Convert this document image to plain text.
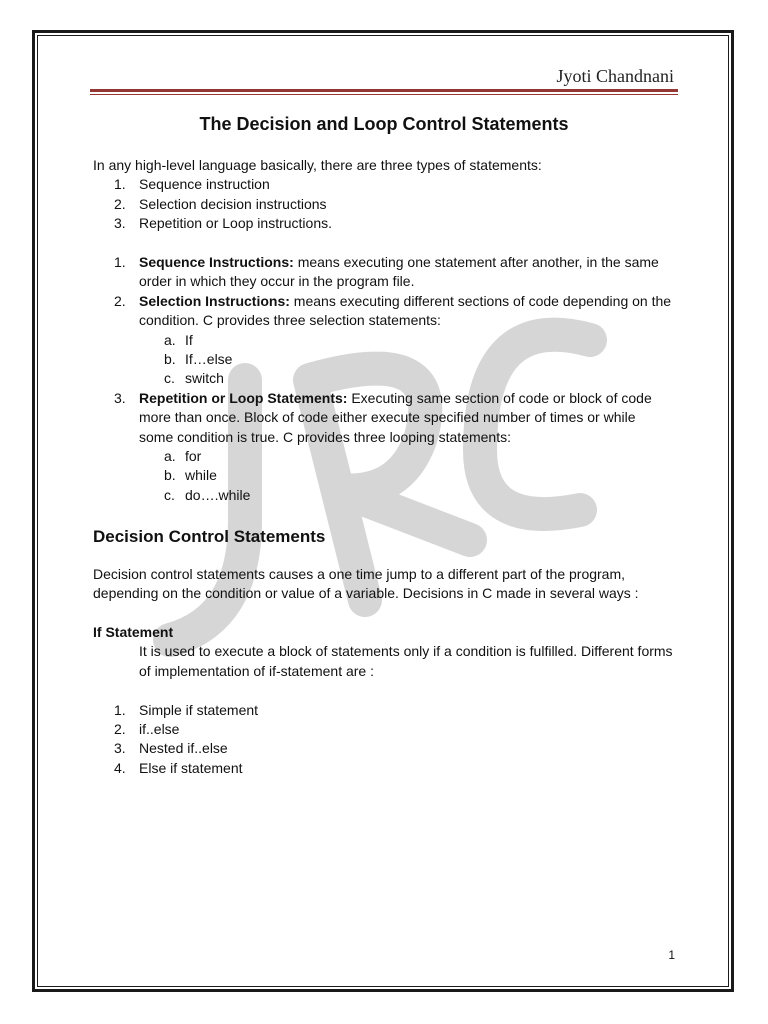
Jyoti Chandnani
The Decision and Loop Control Statements

In any high-level language basically, there are three types of statements:

1. Sequence instruction
2. Selection decision instructions
3. Repetition or Loop instructions.
1. Sequence Instructions: means executing one statement after another, in the same order in which they occur in the program file.
2. Selection Instructions: means executing different sections of code depending on the condition. C provides three selection statements:
a. If
b. If…else
c. switch
3. Repetition or Loop Statements: Executing same section of code or block of code more than once. Block of code either execute specified number of times or while some condition is true. C provides three looping statements:
a. for
b. while
c. do….while
Decision Control Statements

Decision control statements causes a one time jump to a different part of the program, depending on the condition or value of a variable. Decisions in C made in several ways :

If Statement

It is used to execute a block of statements only if a condition is fulfilled. Different forms of implementation of if-statement are :

1. Simple if statement
2. if..else
3. Nested if..else
4. Else if statement
1
